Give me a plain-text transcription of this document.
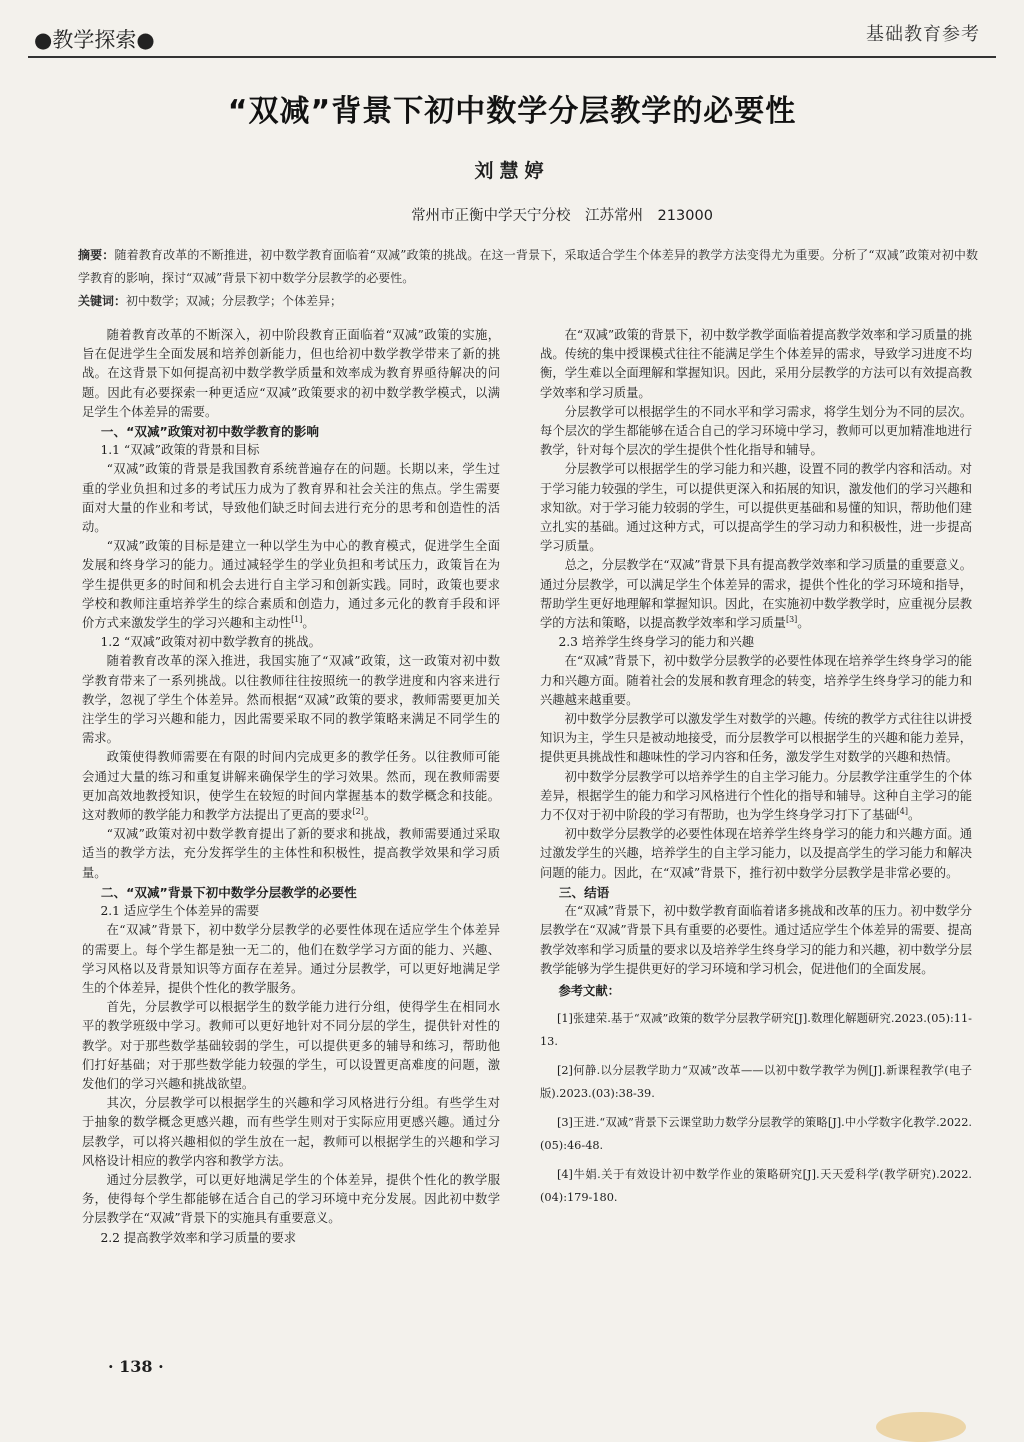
●教学探索●	基础教育参考
“双减”背景下初中数学分层教学的必要性
刘慧婷
常州市正衡中学天宁分校　江苏常州　213000
摘要：随着教育改革的不断推进，初中数学教育面临着“双减”政策的挑战。在这一背景下，采取适合学生个体差异的教学方法变得尤为重要。分析了“双减”政策对初中数学教育的影响，探讨“双减”背景下初中数学分层教学的必要性。
关键词：初中数学；双减；分层教学；个体差异；

随着教育改革的不断深入，初中阶段教育正面临着“双减”政策的实施，旨在促进学生全面发展和培养创新能力，但也给初中数学教学带来了新的挑战。在这背景下如何提高初中数学教学质量和效率成为教育界亟待解决的问题。因此有必要探索一种更适应“双减”政策要求的初中数学教学模式，以满足学生个体差异的需要。

一、“双减”政策对初中数学教育的影响
1.1 “双减”政策的背景和目标

“双减”政策的背景是我国教育系统普遍存在的问题。长期以来，学生过重的学业负担和过多的考试压力成为了教育界和社会关注的焦点。学生需要面对大量的作业和考试，导致他们缺乏时间去进行充分的思考和创造性的活动。

“双减”政策的目标是建立一种以学生为中心的教育模式，促进学生全面发展和终身学习的能力。通过减轻学生的学业负担和考试压力，政策旨在为学生提供更多的时间和机会去进行自主学习和创新实践。同时，政策也要求学校和教师注重培养学生的综合素质和创造力，通过多元化的教育手段和评价方式来激发学生的学习兴趣和主动性[1]。

1.2 “双减”政策对初中数学教育的挑战。

随着教育改革的深入推进，我国实施了“双减”政策，这一政策对初中数学教育带来了一系列挑战。以往教师往往按照统一的教学进度和内容来进行教学，忽视了学生个体差异。然而根据“双减”政策的要求，教师需要更加关注学生的学习兴趣和能力，因此需要采取不同的教学策略来满足不同学生的需求。

政策使得教师需要在有限的时间内完成更多的教学任务。以往教师可能会通过大量的练习和重复讲解来确保学生的学习效果。然而，现在教师需要更加高效地教授知识，使学生在较短的时间内掌握基本的数学概念和技能。这对教师的教学能力和教学方法提出了更高的要求[2]。

“双减”政策对初中数学教育提出了新的要求和挑战，教师需要通过采取适当的教学方法，充分发挥学生的主体性和积极性，提高教学效果和学习质量。

二、“双减”背景下初中数学分层教学的必要性
2.1 适应学生个体差异的需要

在“双减”背景下，初中数学分层教学的必要性体现在适应学生个体差异的需要上。每个学生都是独一无二的，他们在数学学习方面的能力、兴趣、学习风格以及背景知识等方面存在差异。通过分层教学，可以更好地满足学生的个体差异，提供个性化的教学服务。

首先，分层教学可以根据学生的数学能力进行分组，使得学生在相同水平的教学班级中学习。教师可以更好地针对不同分层的学生，提供针对性的教学。对于那些数学基础较弱的学生，可以提供更多的辅导和练习，帮助他们打好基础；对于那些数学能力较强的学生，可以设置更高难度的问题，激发他们的学习兴趣和挑战欲望。

其次，分层教学可以根据学生的兴趣和学习风格进行分组。有些学生对于抽象的数学概念更感兴趣，而有些学生则对于实际应用更感兴趣。通过分层教学，可以将兴趣相似的学生放在一起，教师可以根据学生的兴趣和学习风格设计相应的教学内容和教学方法。

通过分层教学，可以更好地满足学生的个体差异，提供个性化的教学服务，使得每个学生都能够在适合自己的学习环境中充分发展。因此初中数学分层教学在“双减”背景下的实施具有重要意义。

2.2 提高教学效率和学习质量的要求

在“双减”政策的背景下，初中数学教学面临着提高教学效率和学习质量的挑战。传统的集中授课模式往往不能满足学生个体差异的需求，导致学习进度不均衡，学生难以全面理解和掌握知识。因此，采用分层教学的方法可以有效提高教学效率和学习质量。

分层教学可以根据学生的不同水平和学习需求，将学生划分为不同的层次。每个层次的学生都能够在适合自己的学习环境中学习，教师可以更加精准地进行教学，针对每个层次的学生提供个性化指导和辅导。

分层教学可以根据学生的学习能力和兴趣，设置不同的教学内容和活动。对于学习能力较强的学生，可以提供更深入和拓展的知识，激发他们的学习兴趣和求知欲。对于学习能力较弱的学生，可以提供更基础和易懂的知识，帮助他们建立扎实的基础。通过这种方式，可以提高学生的学习动力和积极性，进一步提高学习质量。

总之，分层教学在“双减”背景下具有提高教学效率和学习质量的重要意义。通过分层教学，可以满足学生个体差异的需求，提供个性化的学习环境和指导，帮助学生更好地理解和掌握知识。因此，在实施初中数学教学时，应重视分层教学的方法和策略，以提高教学效率和学习质量[3]。

2.3 培养学生终身学习的能力和兴趣

在“双减”背景下，初中数学分层教学的必要性体现在培养学生终身学习的能力和兴趣方面。随着社会的发展和教育理念的转变，培养学生终身学习的能力和兴趣越来越重要。

初中数学分层教学可以激发学生对数学的兴趣。传统的教学方式往往以讲授知识为主，学生只是被动地接受，而分层教学可以根据学生的兴趣和能力差异，提供更具挑战性和趣味性的学习内容和任务，激发学生对数学的兴趣和热情。

初中数学分层教学可以培养学生的自主学习能力。分层教学注重学生的个体差异，根据学生的能力和学习风格进行个性化的指导和辅导。这种自主学习的能力不仅对于初中阶段的学习有帮助，也为学生终身学习打下了基础[4]。

初中数学分层教学的必要性体现在培养学生终身学习的能力和兴趣方面。通过激发学生的兴趣，培养学生的自主学习能力，以及提高学生的学习能力和解决问题的能力。因此，在“双减”背景下，推行初中数学分层教学是非常必要的。

三、结语

在“双减”背景下，初中数学教育面临着诸多挑战和改革的压力。初中数学分层教学在“双减”背景下具有重要的必要性。通过适应学生个体差异的需要、提高教学效率和学习质量的要求以及培养学生终身学习的能力和兴趣，初中数学分层教学能够为学生提供更好的学习环境和学习机会，促进他们的全面发展。

参考文献：
[1]张建荣.基于“双减”政策的数学分层教学研究[J].数理化解题研究.2023.(05):11-13.
[2]何静.以分层教学助力“双减”改革——以初中数学教学为例[J].新课程教学(电子版).2023.(03):38-39.
[3]王进.“双减”背景下云课堂助力数学分层教学的策略[J].中小学数字化教学.2022.(05):46-48.
[4]牛娟.关于有效设计初中数学作业的策略研究[J].天天爱科学(教学研究).2022.(04):179-180.
· 138 ·
